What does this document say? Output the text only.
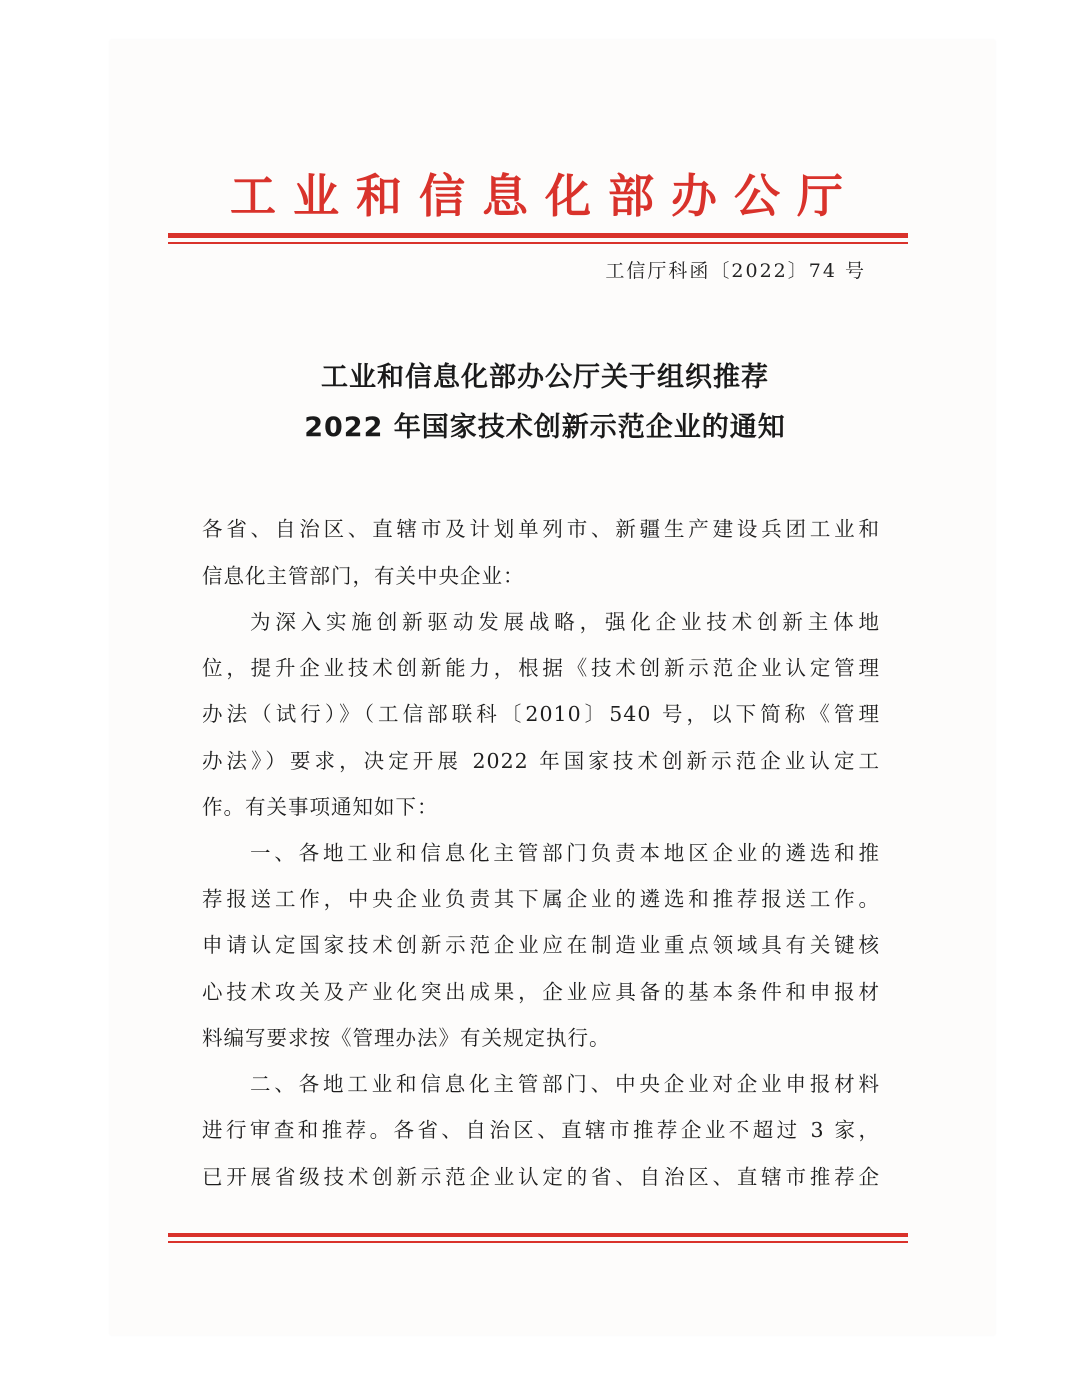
工业和信息化部办公厅
工信厅科函〔2022〕74 号
工业和信息化部办公厅关于组织推荐
2022 年国家技术创新示范企业的通知
各省、自治区、直辖市及计划单列市、新疆生产建设兵团工业和
信息化主管部门，有关中央企业：
为深入实施创新驱动发展战略，强化企业技术创新主体地
位，提升企业技术创新能力，根据《技术创新示范企业认定管理
办法（试行）》（工信部联科〔2010〕540 号，以下简称《管理
办法》）要求，决定开展 2022 年国家技术创新示范企业认定工
作。有关事项通知如下：
一、各地工业和信息化主管部门负责本地区企业的遴选和推
荐报送工作，中央企业负责其下属企业的遴选和推荐报送工作。
申请认定国家技术创新示范企业应在制造业重点领域具有关键核
心技术攻关及产业化突出成果，企业应具备的基本条件和申报材
料编写要求按《管理办法》有关规定执行。
二、各地工业和信息化主管部门、中央企业对企业申报材料
进行审查和推荐。各省、自治区、直辖市推荐企业不超过 3 家，
已开展省级技术创新示范企业认定的省、自治区、直辖市推荐企
